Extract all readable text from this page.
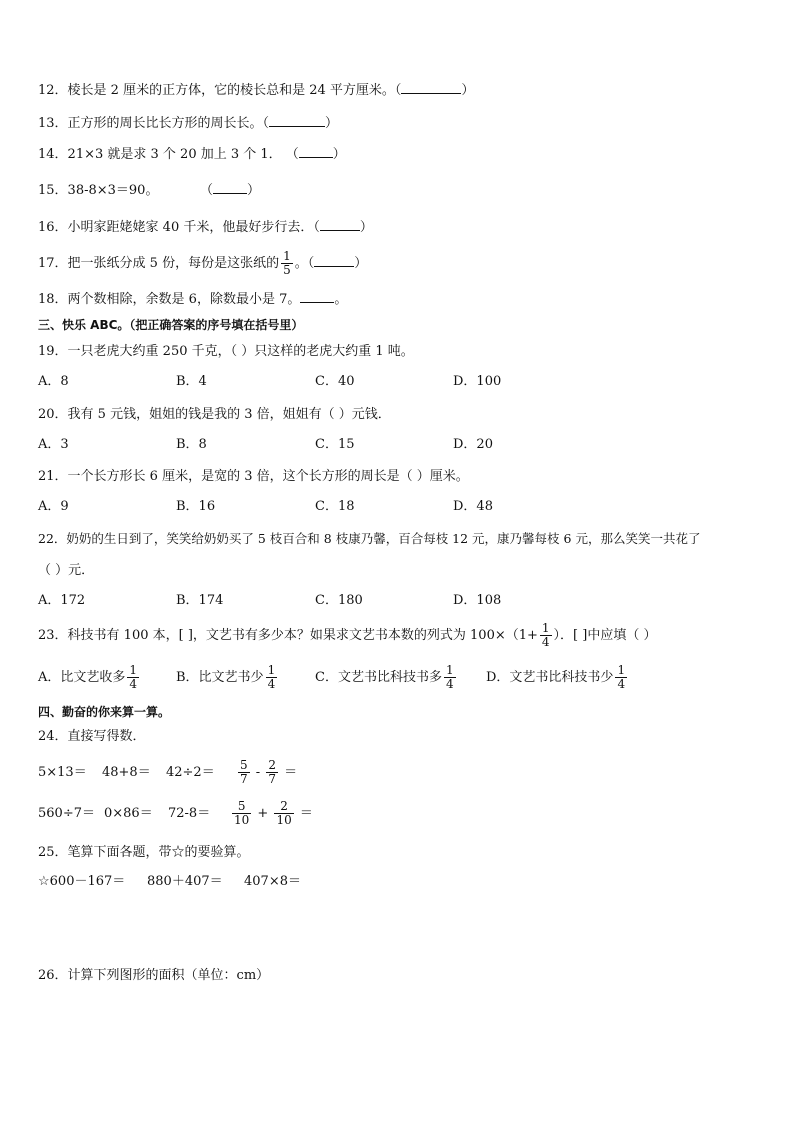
12．棱长是 2 厘米的正方体，它的棱长总和是 24 平方厘米。（	）
13．正方形的周长比长方形的周长长。（	）
14．21×3 就是求 3 个 20 加上 3 个 1． （	）
15．38-8×3＝90。	（	）
16．小明家距姥姥家 40 千米，他最好步行去．（	）
17．把一张纸分成 5 份，每份是这张纸的 $\frac{1}{5}$ 。（	）
18．两个数相除，余数是 6，除数最小是 7。	。
三、快乐 ABC。（把正确答案的序号填在括号里）
19．一只老虎大约重 250 千克，（ ）只这样的老虎大约重 1 吨。
A．8	B．4	C．40	D．100
20．我有 5 元钱，姐姐的钱是我的 3 倍，姐姐有（ ）元钱．
A．3	B．8	C．15	D．20
21．一个长方形长 6 厘米，是宽的 3 倍，这个长方形的周长是（ ）厘米。
A．9	B．16	C．18	D．48
22．奶奶的生日到了，笑笑给奶奶买了 5 枝百合和 8 枝康乃馨，百合每枝 12 元，康乃馨每枝 6 元，那么笑笑一共花了
（ ）元．
A．172	B．174	C．180	D．108
23．科技书有 100 本，[ ]，文艺书有多少本？如果求文艺书本数的列式为 $100\times(1+ \frac{1}{4}$ ）．[ ]中应填（ ）
A．比文艺收多 $\frac{1}{4}$	B．比文艺书少 $\frac{1}{4}$	C．文艺书比科技书多 $\frac{1}{4}$ D．文艺书比科技书少 $\frac{1}{4}$
四、勤奋的你来算一算。
24．直接写得数．
$5\times 13= 48+8= 42\div 2= \frac{5}{7} - \frac{2}{7}$ ＝
$560\div 7= 0\times 86= 72-8= \frac{5}{10} + \frac{2}{10}$ ＝
25．笔算下面各题，带☆的要验算。
☆600－167＝ 880＋407＝ 407×8＝
26．计算下列图形的面积（单位：cm）
